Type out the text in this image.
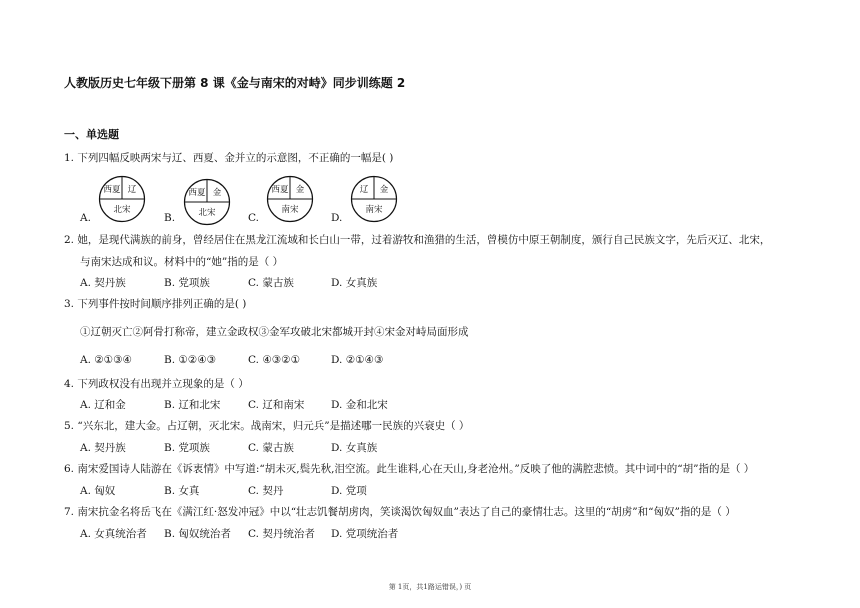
人教版历史七年级下册第 8 课《金与南宋的对峙》同步训练题 2
一、单选题
1. 下列四幅反映两宋与辽、西夏、金并立的示意图，不正确的一幅是( )
A.	B.	C.	D.
西夏 辽
北宋
西夏 金
北宋
西夏 金
南宋
辽 金
南宋
2. 她，是现代满族的前身，曾经居住在黑龙江流域和长白山一带，过着游牧和渔猎的生活，曾模仿中原王朝制度，颁行自己民族文字，先后灭辽、北宋，
与南宋达成和议。材料中的“她”指的是（ ）
A. 契丹族	B. 党项族	C. 蒙古族	D. 女真族
3. 下列事件按时间顺序排列正确的是( )
①辽朝灭亡②阿骨打称帝，建立金政权③金军攻破北宋都城开封④宋金对峙局面形成
A. ②①③④	B. ①②④③	C. ④③②①	D. ②①④③
4. 下列政权没有出现并立现象的是（ ）
A. 辽和金	B. 辽和北宋	C. 辽和南宋	D. 金和北宋
5. “兴东北，建大金。占辽朝，灭北宋。战南宋，归元兵”是描述哪一民族的兴衰史（ ）
A. 契丹族	B. 党项族	C. 蒙古族	D. 女真族
6. 南宋爱国诗人陆游在《诉衷情》中写道:“胡未灭,鬓先秋,泪空流。此生谁料,心在天山,身老沧州。”反映了他的满腔悲愤。其中词中的“胡”指的是（ ）
A. 匈奴	B. 女真	C. 契丹	D. 党项
7. 南宋抗金名将岳飞在《满江红·怒发冲冠》中以“壮志饥餐胡虏肉，笑谈渴饮匈奴血”表达了自己的豪情壮志。这里的“胡虏”和“匈奴”指的是（ ）
A. 女真统治者 B. 匈奴统治者 C. 契丹统治者 D. 党项统治者
第 1页，共1路运错误，) 页
